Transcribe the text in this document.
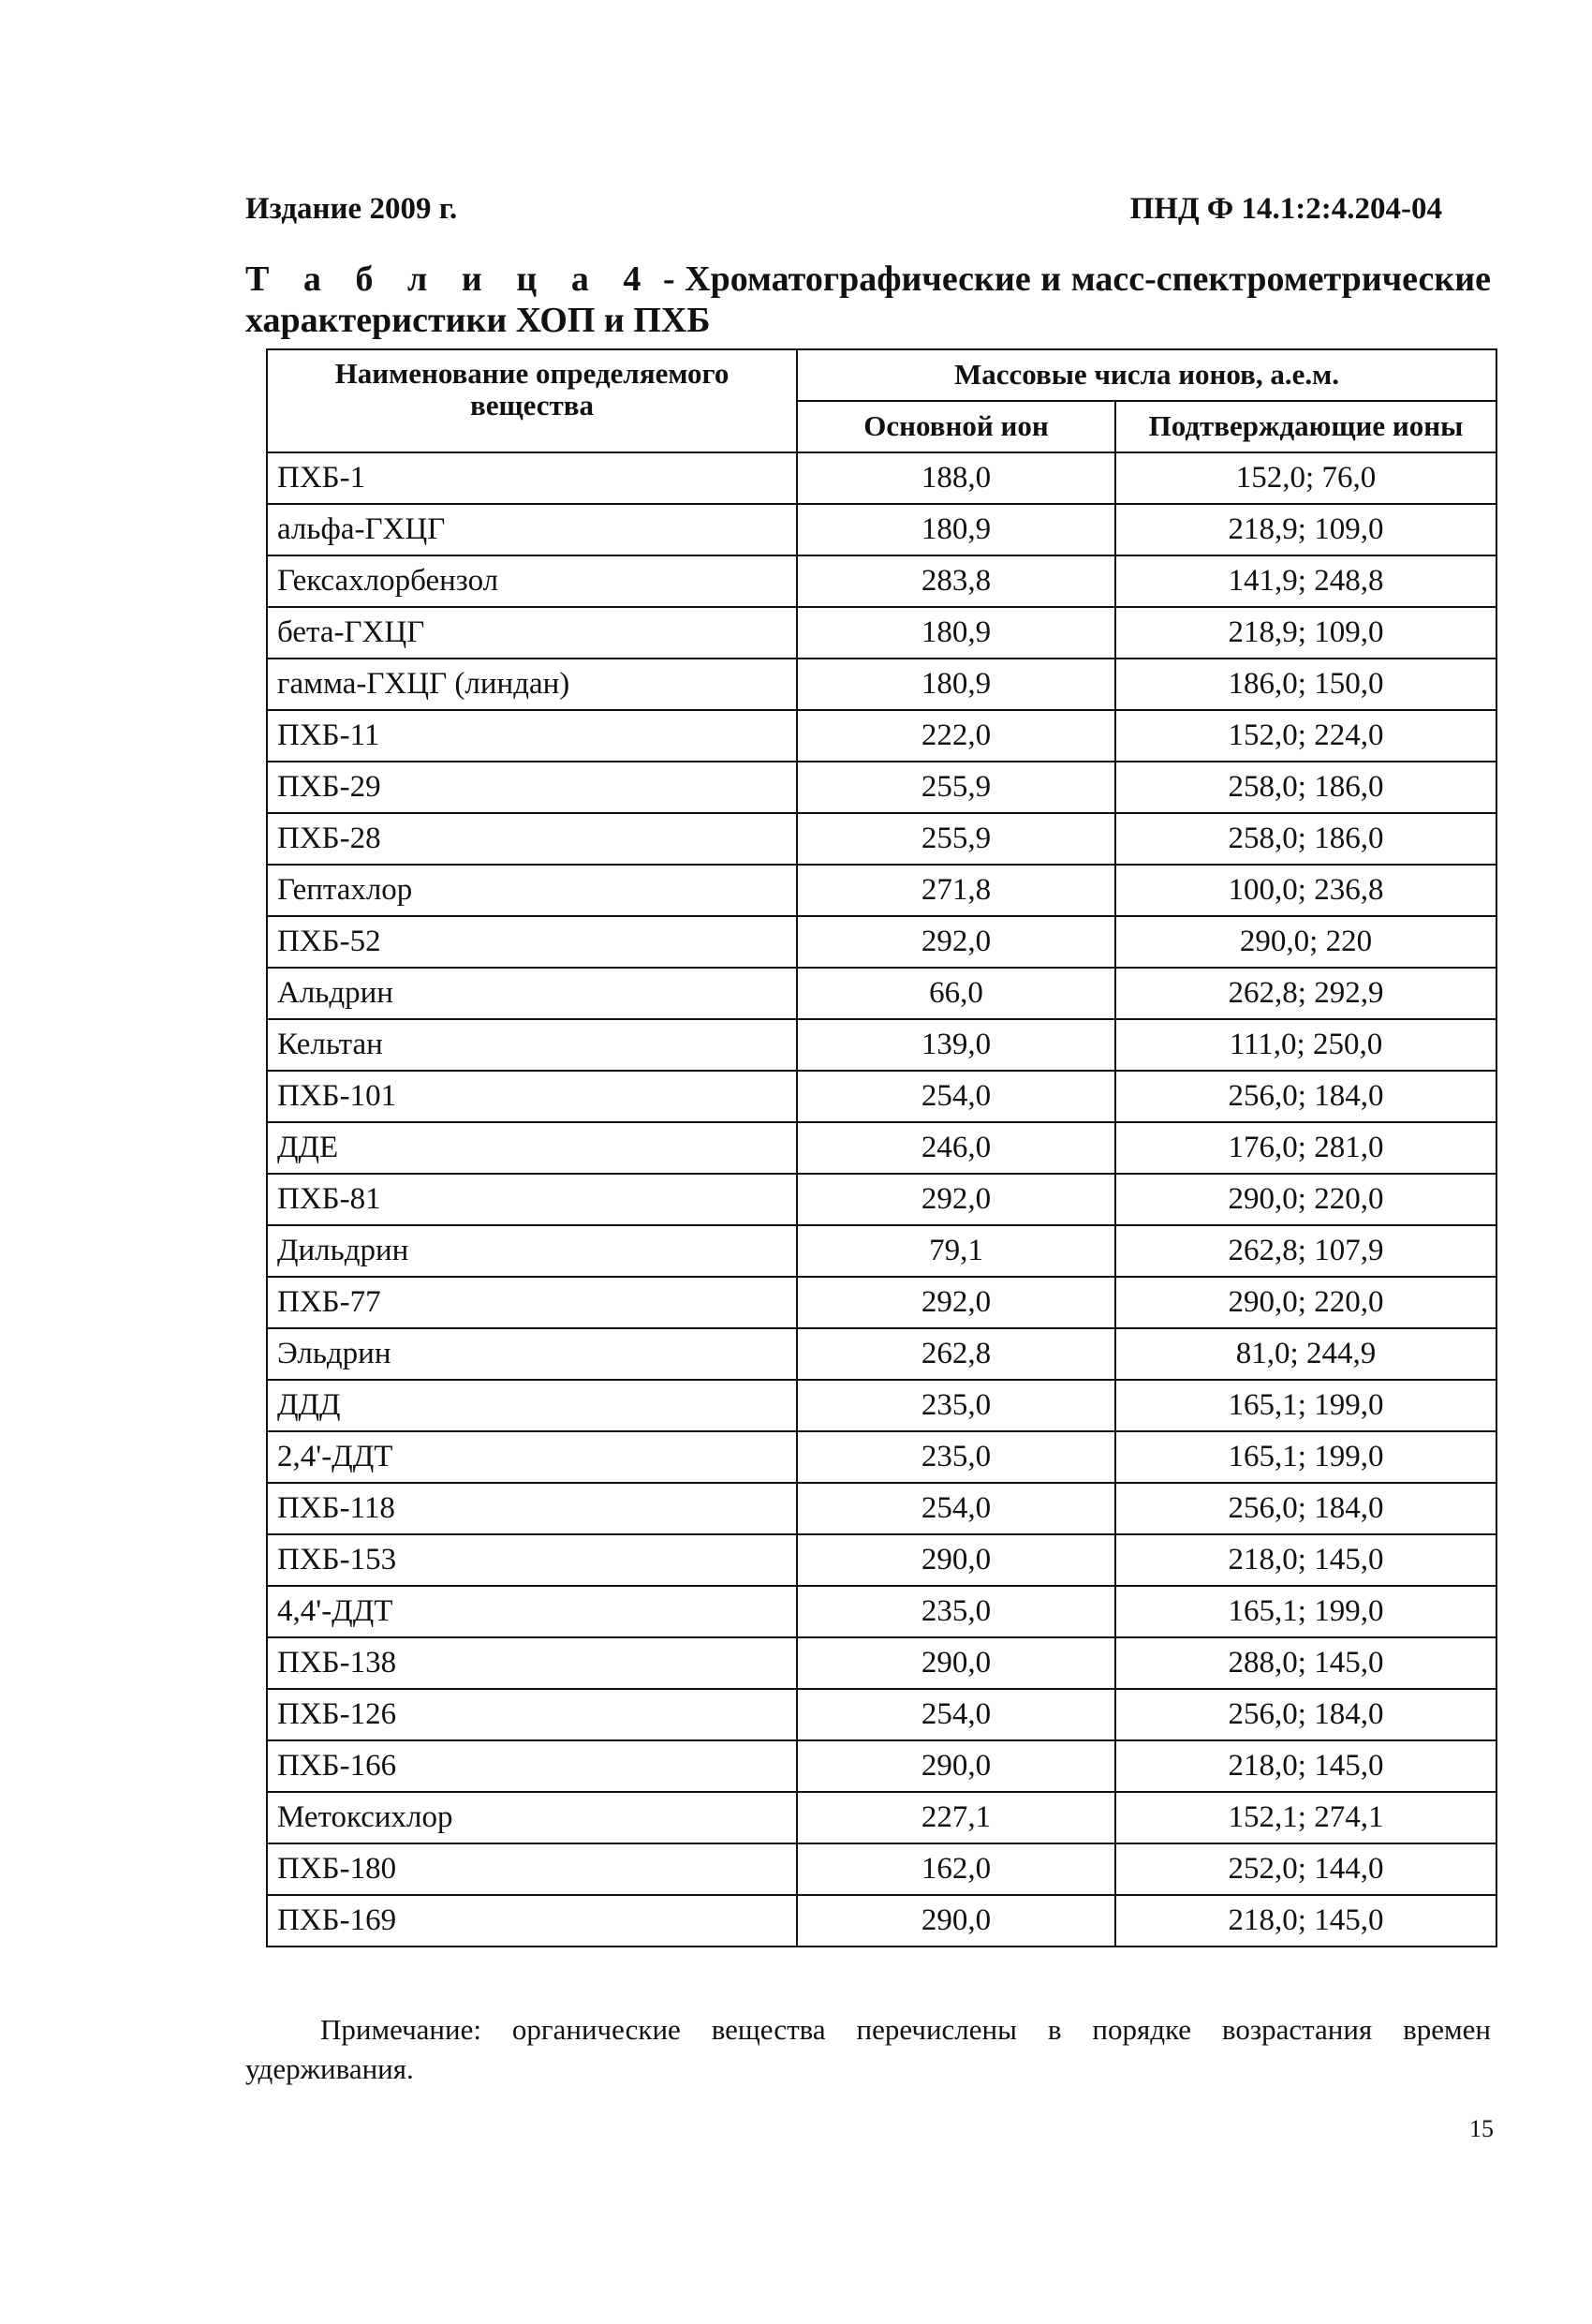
Издание 2009 г.	ПНД Ф 14.1:2:4.204-04
Т а б л и ц а 4 - Хроматографические и масс-спектрометрические характеристики ХОП и ПХБ
Наименование определяемого вещества	Массовые числа ионов, а.е.м.	
	Основной ион	Подтверждающие ионы
ПХБ-1	188,0	152,0; 76,0
альфа-ГХЦГ	180,9	218,9; 109,0
Гексахлорбензол	283,8	141,9; 248,8
бета-ГХЦГ	180,9	218,9; 109,0
гамма-ГХЦГ (линдан)	180,9	186,0; 150,0
ПХБ-11	222,0	152,0; 224,0
ПХБ-29	255,9	258,0; 186,0
ПХБ-28	255,9	258,0; 186,0
Гептахлор	271,8	100,0; 236,8
ПХБ-52	292,0	290,0; 220
Альдрин	66,0	262,8; 292,9
Кельтан	139,0	111,0; 250,0
ПХБ-101	254,0	256,0; 184,0
ДДЕ	246,0	176,0; 281,0
ПХБ-81	292,0	290,0; 220,0
Дильдрин	79,1	262,8; 107,9
ПХБ-77	292,0	290,0; 220,0
Эльдрин	262,8	81,0; 244,9
ДДД	235,0	165,1; 199,0
2,4'-ДДТ	235,0	165,1; 199,0
ПХБ-118	254,0	256,0; 184,0
ПХБ-153	290,0	218,0; 145,0
4,4'-ДДТ	235,0	165,1; 199,0
ПХБ-138	290,0	288,0; 145,0
ПХБ-126	254,0	256,0; 184,0
ПХБ-166	290,0	218,0; 145,0
Метоксихлор	227,1	152,1; 274,1
ПХБ-180	162,0	252,0; 144,0
ПХБ-169	290,0	218,0; 145,0
Примечание: органические вещества перечислены в порядке возрастания времен удерживания.
15
